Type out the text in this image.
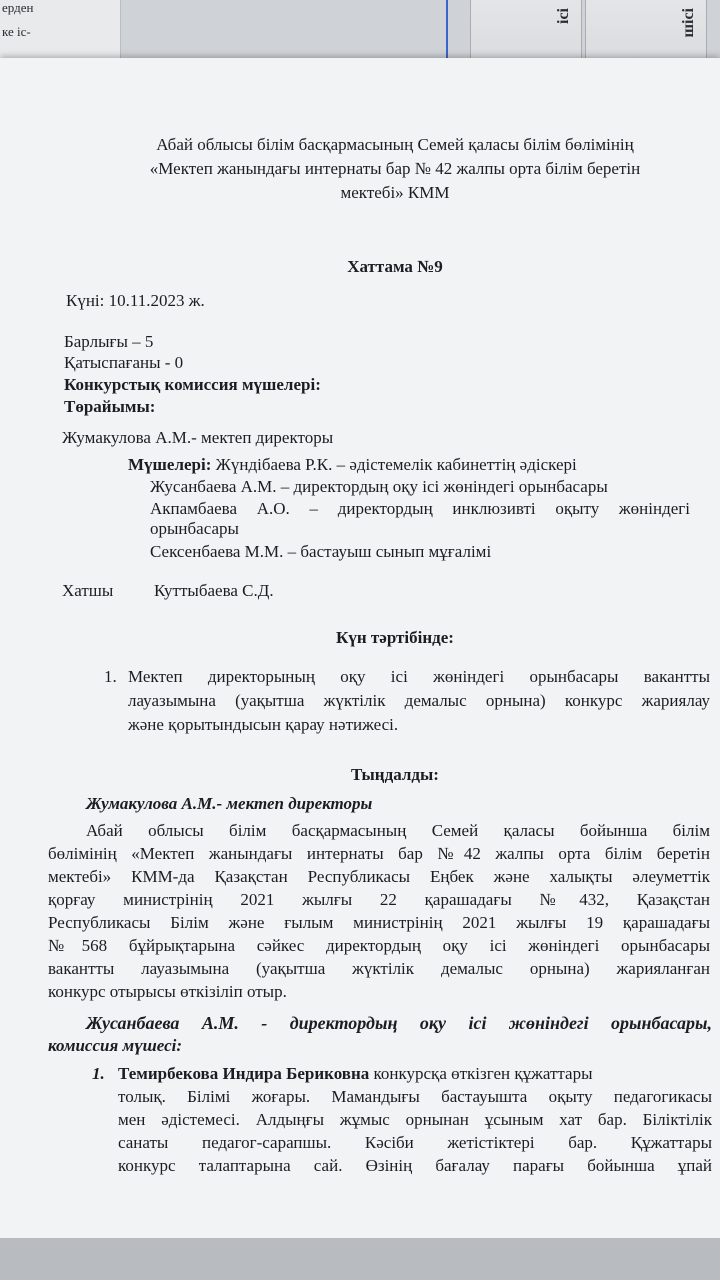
ерден
ке іс-
ісі	шісі
Абай облысы білім басқармасының Семей қаласы білім бөлімінің
«Мектеп жанындағы интернаты бар № 42 жалпы орта білім беретін
мектебі» КММ
Хаттама №9
Күні: 10.11.2023 ж.
Барлығы – 5
Қатыспағаны - 0
Конкурстық комиссия мүшелері:
Төрайымы:
Жумакулова А.М.- мектеп директоры
Мүшелері: Жүндібаева Р.К. – әдістемелік кабинеттің әдіскері
Жусанбаева А.М. – директордың оқу ісі жөніндегі орынбасары
Акпамбаева А.О. – директордың инклюзивті оқыту жөніндегі
орынбасары
Сексенбаева М.М. – бастауыш сынып мұғалімі
Хатшы Куттыбаева С.Д.
Күн тәртібінде:
1. Мектеп директорының оқу ісі жөніндегі орынбасары вакантты
лауазымына (уақытша жүктілік демалыс орнына) конкурс жариялау
және қорытындысын қарау нәтижесі.
Тыңдалды:
Жумакулова А.М.- мектеп директоры
Абай облысы білім басқармасының Семей қаласы бойынша білім
бөлімінің «Мектеп жанындағы интернаты бар №42 жалпы орта білім беретін
мектебі» КММ-да Қазақстан Республикасы Еңбек және халықты әлеуметтік
қорғау министрінің 2021 жылғы 22 қарашадағы №432, Қазақстан
Республикасы Білім және ғылым министрінің 2021 жылғы 19 қарашадағы
№568 бұйрықтарына сәйкес директордың оқу ісі жөніндегі орынбасары
вакантты лауазымына (уақытша жүктілік демалыс орнына) жарияланған
конкурс отырысы өткізіліп отыр.
Жусанбаева А.М. - директордың оқу ісі жөніндегі орынбасары,
комиссия мүшесі:
1. Темирбекова Индира Бериковна конкурсқа өткізген құжаттары
толық. Білімі жоғары. Мамандығы бастауышта оқыту педагогикасы
мен әдістемесі. Алдыңғы жұмыс орнынан ұсыным хат бар. Біліктілік
санаты педагог-сарапшы. Кәсіби жетістіктері бар. Құжаттары
конкурс талаптарына сай. Өзінің бағалау парағы бойынша ұпай
